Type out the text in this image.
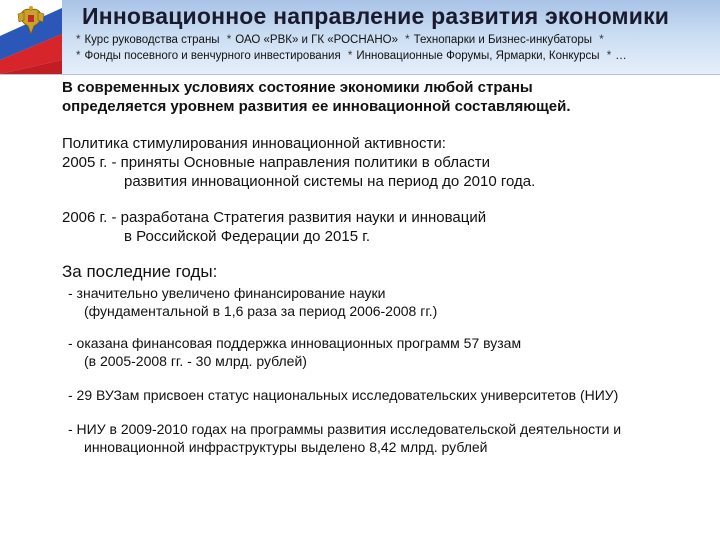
Инновационное направление развития экономики
* Курс руководства страны * ОАО «РВК» и ГК «РОСНАНО» * Технопарки и Бизнес-инкубаторы *
* Фонды посевного и венчурного инвестирования * Инновационные Форумы, Ярмарки, Конкурсы * …

В современных условиях состояние экономики любой страны

определяется уровнем развития ее инновационной составляющей.

Политика стимулирования инновационной активности:

2005 г. - приняты Основные направления политики в области

развития инновационной системы на период до 2010 года.

2006 г. - разработана Стратегия развития науки и инноваций

в Российской Федерации до 2015 г.

За последние годы:

- значительно увеличено финансирование науки

(фундаментальной в 1,6 раза за период 2006-2008 гг.)

- оказана финансовая поддержка инновационных программ 57 вузам

(в 2005-2008 гг. - 30 млрд. рублей)

- 29 ВУЗам присвоен статус национальных исследовательских университетов (НИУ)

- НИУ в 2009-2010 годах на программы развития исследовательской деятельности и

инновационной инфраструктуры выделено 8,42 млрд. рублей
